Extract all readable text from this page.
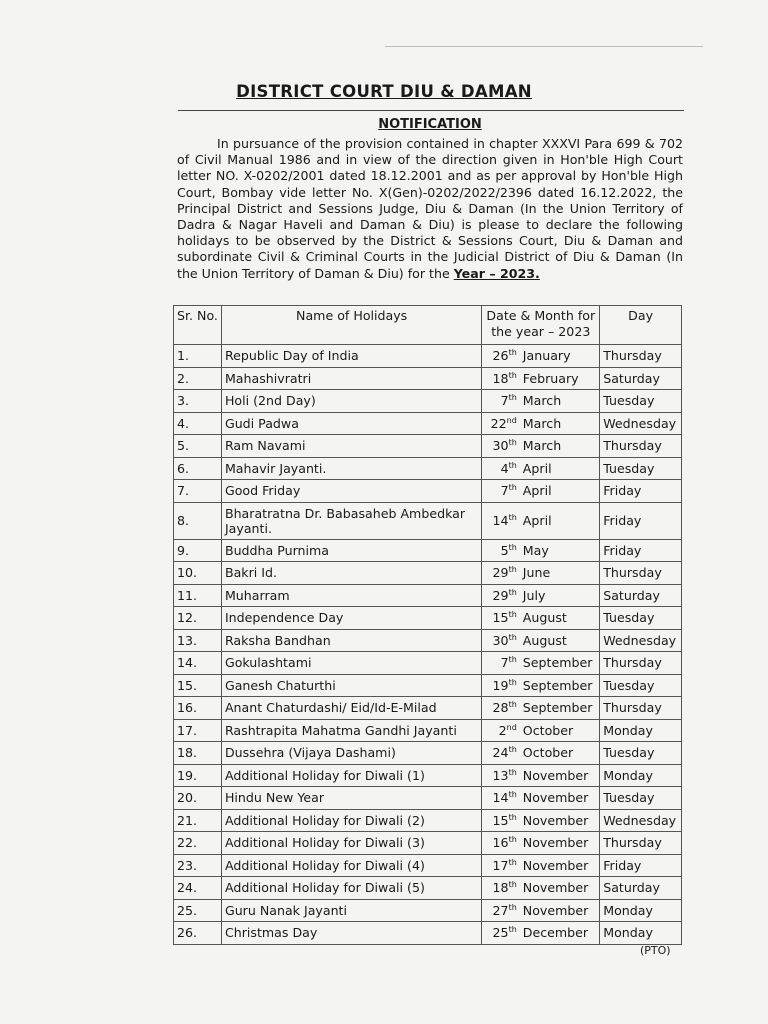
DISTRICT COURT DIU & DAMAN
NOTIFICATION
In pursuance of the provision contained in chapter XXXVI Para 699 & 702 of Civil Manual 1986 and in view of the direction given in Hon'ble High Court letter NO. X-0202/2001 dated 18.12.2001 and as per approval by Hon'ble High Court, Bombay vide letter No. X(Gen)-0202/2022/2396 dated 16.12.2022, the Principal District and Sessions Judge, Diu & Daman (In the Union Territory of Dadra & Nagar Haveli and Daman & Diu) is please to declare the following holidays to be observed by the District & Sessions Court, Diu & Daman and subordinate Civil & Criminal Courts in the Judicial District of Diu & Daman (In the Union Territory of Daman & Diu) for the Year – 2023.
Sr. No.	Name of Holidays	Date & Month for the year – 2023		Day
1.	Republic Day of India	26th	January	Thursday
2.	Mahashivratri	18th	February	Saturday
3.	Holi (2nd Day)	7th	March	Tuesday
4.	Gudi Padwa	22nd	March	Wednesday
5.	Ram Navami	30th	March	Thursday
6.	Mahavir Jayanti.	4th	April	Tuesday
7.	Good Friday	7th	April	Friday
8.	Bharatratna Dr. Babasaheb Ambedkar Jayanti.	14th	April	Friday
9.	Buddha Purnima	5th	May	Friday
10.	Bakri Id.	29th	June	Thursday
11.	Muharram	29th	July	Saturday
12.	Independence Day	15th	August	Tuesday
13.	Raksha Bandhan	30th	August	Wednesday
14.	Gokulashtami	7th	September	Thursday
15.	Ganesh Chaturthi	19th	September	Tuesday
16.	Anant Chaturdashi/ Eid/Id-E-Milad	28th	September	Thursday
17.	Rashtrapita Mahatma Gandhi Jayanti	2nd	October	Monday
18.	Dussehra (Vijaya Dashami)	24th	October	Tuesday
19.	Additional Holiday for Diwali (1)	13th	November	Monday
20.	Hindu New Year	14th	November	Tuesday
21.	Additional Holiday for Diwali (2)	15th	November	Wednesday
22.	Additional Holiday for Diwali (3)	16th	November	Thursday
23.	Additional Holiday for Diwali (4)	17th	November	Friday
24.	Additional Holiday for Diwali (5)	18th	November	Saturday
25.	Guru Nanak Jayanti	27th	November	Monday
26.	Christmas Day	25th	December	Monday
(PTO)
